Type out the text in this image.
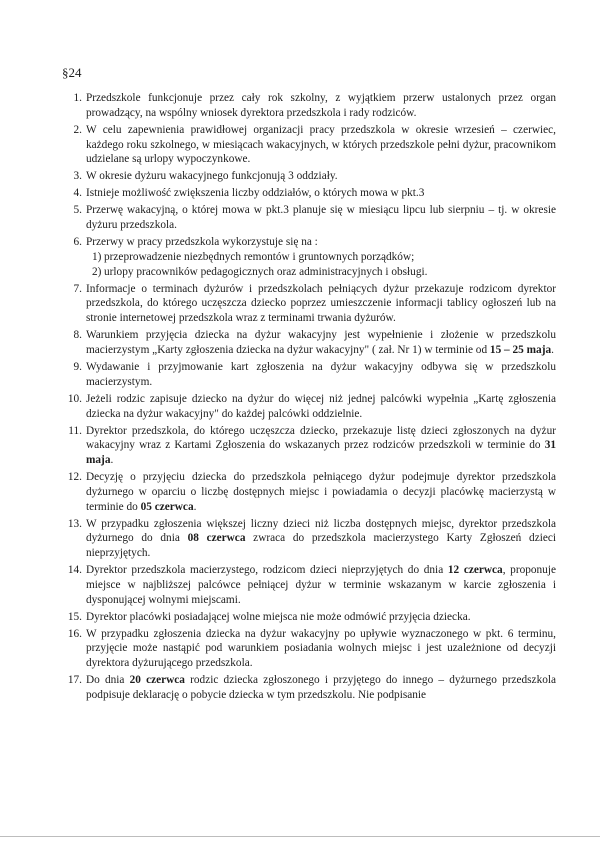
§24

1. Przedszkole funkcjonuje przez cały rok szkolny, z wyjątkiem przerw ustalonych przez organ prowadzący, na wspólny wniosek dyrektora przedszkola i rady rodziców.
2. W celu zapewnienia prawidłowej organizacji pracy przedszkola w okresie wrzesień – czerwiec, każdego roku szkolnego, w miesiącach wakacyjnych, w których przedszkole pełni dyżur, pracownikom udzielane są urlopy wypoczynkowe.
3. W okresie dyżuru wakacyjnego funkcjonują 3 oddziały.
4. Istnieje możliwość zwiększenia liczby oddziałów, o których mowa w pkt.3
5. Przerwę wakacyjną, o której mowa w pkt.3 planuje się w miesiącu lipcu lub sierpniu – tj. w okresie dyżuru przedszkola.
6. Przerwy w pracy przedszkola wykorzystuje się na :
1) przeprowadzenie niezbędnych remontów i gruntownych porządków;
2) urlopy pracowników pedagogicznych oraz administracyjnych i obsługi.
7. Informacje o terminach dyżurów i przedszkolach pełniących dyżur przekazuje rodzicom dyrektor przedszkola, do którego uczęszcza dziecko poprzez umieszczenie informacji tablicy ogłoszeń lub na stronie internetowej przedszkola wraz z terminami trwania dyżurów.
8. Warunkiem przyjęcia dziecka na dyżur wakacyjny jest wypełnienie i złożenie w przedszkolu macierzystym „Karty zgłoszenia dziecka na dyżur wakacyjny" ( zał. Nr 1) w terminie od 15 – 25 maja.
9. Wydawanie i przyjmowanie kart zgłoszenia na dyżur wakacyjny odbywa się w przedszkolu macierzystym.
10. Jeżeli rodzic zapisuje dziecko na dyżur do więcej niż jednej palcówki wypełnia „Kartę zgłoszenia dziecka na dyżur wakacyjny" do każdej palcówki oddzielnie.
11. Dyrektor przedszkola, do którego uczęszcza dziecko, przekazuje listę dzieci zgłoszonych na dyżur wakacyjny wraz z Kartami Zgłoszenia do wskazanych przez rodziców przedszkoli w terminie do 31 maja.
12. Decyzję o przyjęciu dziecka do przedszkola pełniącego dyżur podejmuje dyrektor przedszkola dyżurnego w oparciu o liczbę dostępnych miejsc i powiadamia o decyzji placówkę macierzystą w terminie do 05 czerwca.
13. W przypadku zgłoszenia większej liczny dzieci niż liczba dostępnych miejsc, dyrektor przedszkola dyżurnego do dnia 08 czerwca zwraca do przedszkola macierzystego Karty Zgłoszeń dzieci nieprzyjętych.
14. Dyrektor przedszkola macierzystego, rodzicom dzieci nieprzyjętych do dnia 12 czerwca, proponuje miejsce w najbliższej palcówce pełniącej dyżur w terminie wskazanym w karcie zgłoszenia i dysponującej wolnymi miejscami.
15. Dyrektor placówki posiadającej wolne miejsca nie może odmówić przyjęcia dziecka.
16. W przypadku zgłoszenia dziecka na dyżur wakacyjny po upływie wyznaczonego w pkt. 6 terminu, przyjęcie może nastąpić pod warunkiem posiadania wolnych miejsc i jest uzależnione od decyzji dyrektora dyżurującego przedszkola.
17. Do dnia 20 czerwca rodzic dziecka zgłoszonego i przyjętego do innego – dyżurnego przedszkola podpisuje deklarację o pobycie dziecka w tym przedszkolu. Nie podpisanie
